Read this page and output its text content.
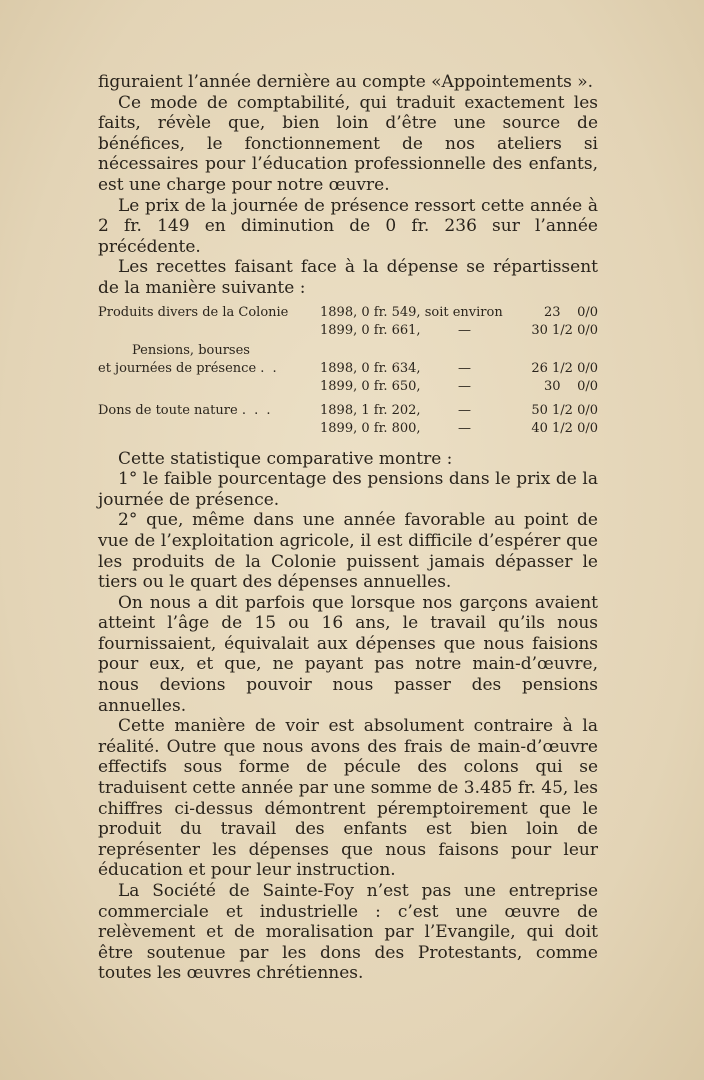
figuraient l’année dernière au compte «Appointements ».

Ce mode de comptabilité, qui traduit exactement les faits, révèle que, bien loin d’être une source de bénéfices, le fonctionnement de nos ateliers si nécessaires pour l’éducation professionnelle des enfants, est une charge pour notre œuvre.

Le prix de la journée de présence ressort cette année à 2 fr. 149 en diminution de 0 fr. 236 sur l’année précédente.

Les recettes faisant face à la dépense se répartissent de la manière suivante :

Produits divers de la Colonie 1898, 0 fr. 549, soit environ	23    0/0
1899, 0 fr. 661,	—	30 1/2 0/0
Pensions, bourses
et journées de présence . .	1898, 0 fr. 634,	—	26 1/2 0/0
1899, 0 fr. 650,	—	30    0/0
Dons de toute nature . . .	1898, 1 fr. 202,	—	50 1/2 0/0
1899, 0 fr. 800,	—	40 1/2 0/0

Cette statistique comparative montre :

1° le faible pourcentage des pensions dans le prix de la journée de présence.

2° que, même dans une année favorable au point de vue de l’exploitation agricole, il est difficile d’espérer que les produits de la Colonie puissent jamais dépasser le tiers ou le quart des dépenses annuelles.

On nous a dit parfois que lorsque nos garçons avaient atteint l’âge de 15 ou 16 ans, le travail qu’ils nous fournissaient, équivalait aux dépenses que nous faisions pour eux, et que, ne payant pas notre main-d’œuvre, nous devions pouvoir nous passer des pensions annuelles.

Cette manière de voir est absolument contraire à la réalité. Outre que nous avons des frais de main-d’œuvre effectifs sous forme de pécule des colons qui se traduisent cette année par une somme de 3.485 fr. 45, les chiffres ci-dessus démontrent péremptoirement que le produit du travail des enfants est bien loin de représenter les dépenses que nous faisons pour leur éducation et pour leur instruction.

La Société de Sainte-Foy n’est pas une entreprise commerciale et industrielle : c’est une œuvre de relèvement et de moralisation par l’Evangile, qui doit être soutenue par les dons des Protestants, comme toutes les œuvres chrétiennes.
